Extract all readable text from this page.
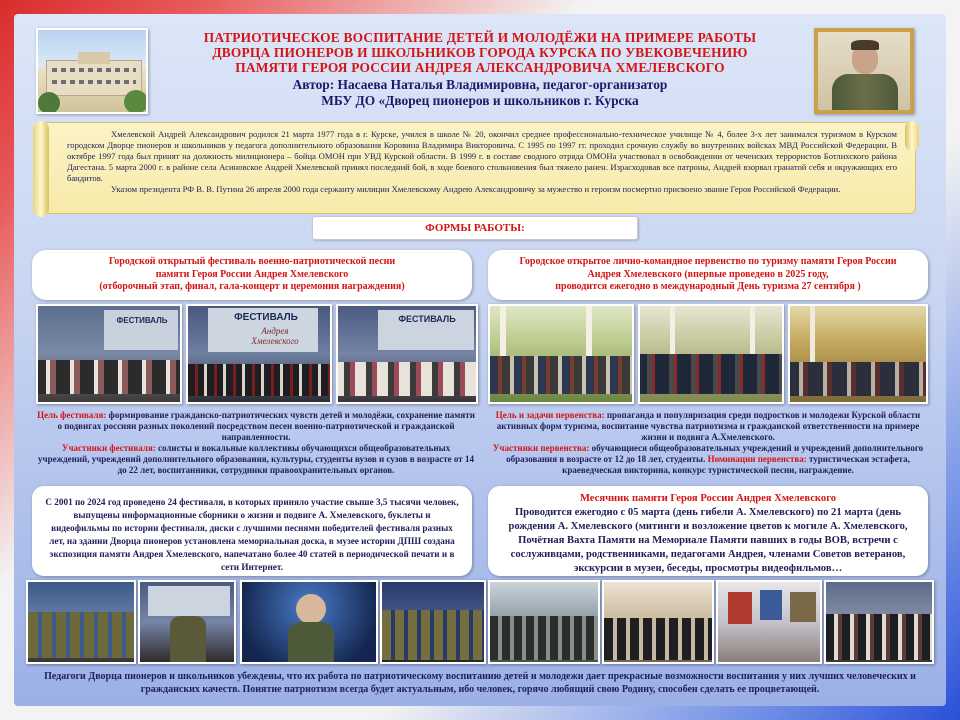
ПАТРИОТИЧЕСКОЕ ВОСПИТАНИЕ ДЕТЕЙ И МОЛОДЁЖИ НА ПРИМЕРЕ РАБОТЫ
ДВОРЦА ПИОНЕРОВ И ШКОЛЬНИКОВ ГОРОДА КУРСКА ПО УВЕКОВЕЧЕНИЮ
ПАМЯТИ ГЕРОЯ РОССИИ АНДРЕЯ АЛЕКСАНДРОВИЧА ХМЕЛЕВСКОГО
Автор: Насаева Наталья Владимировна, педагог-организатор
МБУ ДО «Дворец пионеров и школьников г. Курска

Хмелевской Андрей Александрович родился 21 марта 1977 года в г. Курске, учился в школе № 20, окончил среднее профессионально-техническое училище № 4, более 3-х лет занимался туризмом в Курском городском Дворце пионеров и школьников у педагога дополнительного образования Коровина Владимира Викторовича. С 1995 по 1997 гг. проходил срочную службу во внутренних войсках МВД Российской Федерации. В октябре 1997 года был принят на должность милиционера – бойца ОМОН при УВД Курской области. В 1999 г. в составе сводного отряда ОМОНа участвовал в освобождении от чеченских террористов Ботлихского района Дагестана. 5 марта 2000 г. в районе села Асиновское Андрей Хмелевской принял последний бой, в ходе боевого столкновения был тяжело ранен. Израсходовав все патроны, Андрей взорвал гранатой себя и окружающих его бандитов.

Указом президента РФ В. В. Путина 26 апреля 2000 года сержанту милиции Хмелевскому Андрею Александровичу за мужество и героизм посмертно присвоено звание Героя Российской Федерации.

ФОРМЫ РАБОТЫ:
Городской открытый фестиваль военно-патриотической песни
памяти Героя России Андрея Хмелевского
(отборочный этап, финал, гала-концерт и церемония награждения)
Городское открытое лично-командное первенство по туризму памяти Героя России
Андрея Хмелевского (впервые проведено в 2025 году,
проводится ежегодно в международный День туризма 27 сентября )
ФЕСТИВАЛЬ	ФЕСТИВАЛЬ
Андрея
Хмелевского
ФЕСТИВАЛЬ
Цель фестиваля: формирование гражданско-патриотических чувств детей и молодёжи, сохранение памяти о подвигах россиян разных поколений посредством песен военно-патриотической и гражданской направленности.
Участники фестиваля: солисты и вокальные коллективы обучающихся общеобразовательных учреждений, учреждений дополнительного образования, культуры, студенты вузов и сузов в возрасте от 14 до 22 лет, воспитанники, сотрудники правоохранительных органов.
Цель и задачи первенства: пропаганда и популяризация среди подростков и молодежи Курской области активных форм туризма, воспитание чувства патриотизма и гражданской ответственности на примере жизни и подвига А.Хмелевского.
Участники первенства: обучающиеся общеобразовательных учреждений и учреждений дополнительного образования в возрасте от 12 до 18 лет, студенты. Номинации первенства: туристическая эстафета, краеведческая викторина, конкурс туристической песни, награждение.
С 2001 по 2024 год проведено 24 фестиваля, в которых приняло участие свыше 3,5 тысячи человек, выпущены информационные сборники о жизни и подвиге А. Хмелевского, буклеты и видеофильмы по истории фестиваля, диски с лучшими песнями победителей фестиваля разных лет, на здании Дворца пионеров установлена мемориальная доска, в музее истории ДПШ создана экспозиция памяти Андрея Хмелевского, напечатано более 40 статей в периодической печати и в сети Интернет.
Месячник памяти Героя России Андрея Хмелевского
Проводится ежегодно с 05 марта (день гибели А. Хмелевского) по 21 марта (день рождения А. Хмелевского (митинги и возложение цветов к могиле А. Хмелевского, Почётная Вахта Памяти на Мемориале Памяти павших в годы ВОВ, встречи с сослуживцами, родственниками, педагогами Андрея, членами Советов ветеранов, экскурсии в музеи, беседы, просмотры видеофильмов…
Педагоги Дворца пионеров и школьников убеждены, что их работа по патриотическому воспитанию детей и молодежи дает прекрасные возможности воспитания у них лучших человеческих и гражданских качеств. Понятие патриотизм всегда будет актуальным, ибо человек, горячо любящий свою Родину, способен сделать ее процветающей.
